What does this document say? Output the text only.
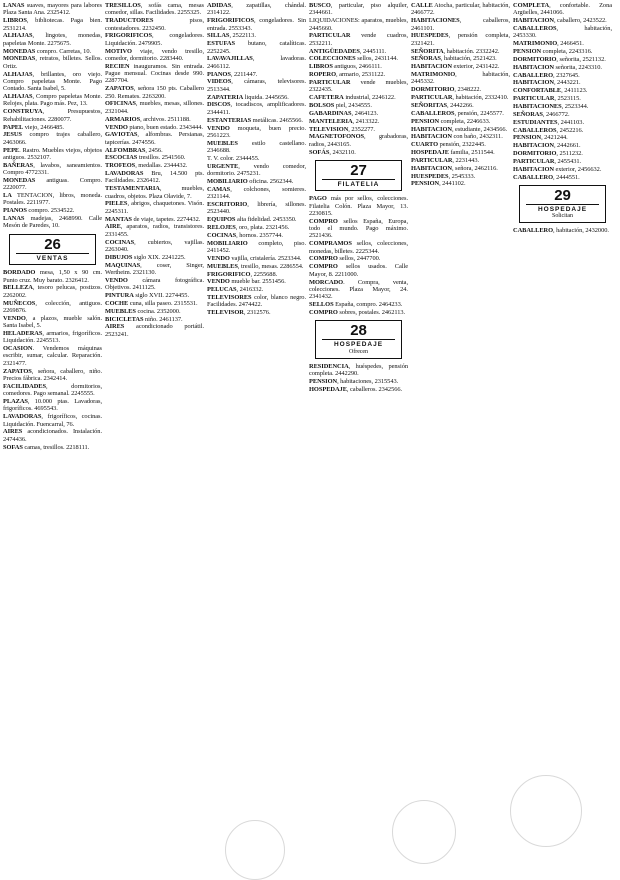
LANAS suaves, mayores para labores Plaza Santa Ana. 2325412.
LIBROS, bibliotecas. Paga bien. 2531214.
ALHAJAS, lingotes, monedas, papeletas Monte. 2275675.
MONEDAS compro. Carretas, 10.
MONEDAS, retratos, billetes. Sellos. Ortiz.
ALHAJAS, brillantes, oro viejo. Compro papeletas Monte. Pago Contado. Santa Isabel, 5.
ALHAJAS, Compro papeletas Monte. Relojes, plata. Pago más. Pez, 13.
CONSTRUYA, Presupuestos, Rehabilitaciones. 2280077.
PAPEL viejo, 2466485.
JESUS compro trajes caballero, 2463066.
PEPE. Rastro. Muebles viejos, objetos antiguos. 2532107.
BAÑERAS, lavabos, saneamientos. Compro 4772331.
MONEDAS antiguas. Compro. 2220077.
LA TENTACION, libros, moneda. Postales. 2211977.
PIANOS compro. 2534522.
LANAS madejas, 2468990. Calle Mesón de Paredes, 10.
26
VENTAS
BORDADO mesa, 1,50 x 90 cm. Punto cruz. Muy barato. 2326412.
BELLEZA, tesoro pelucas, postizos. 2262002.
MUÑECOS, colección, antiguos. 2269876.
VENDO, a plazos, mueble salón. Santa Isabel, 5.
HELADERAS, armarios, frigoríficos. Liquidación. 2245513.
OCASION. Vendemos máquinas escribir, sumar, calcular. Reparación. 2321477.
ZAPATOS, señora, caballero, niño. Precios fábrica. 2342414.
FACILIDADES, dormitorios, comedores. Pago semanal. 2245555.
PLAZAS, 10.000 ptas. Lavadoras, frigoríficos. 4695543.
LAVADORAS, frigoríficos, cocinas. Liquidación. Fuencarral, 76.
AIRES acondicionados. Instalación. 2474436.
SOFAS camas, tresillos. 2218111.
TRESILLOS, sofás cama, mesas comedor, sillas. Facilidades. 2255325.
TRADUCTORES pisos, contestadores. 2232450.
FRIGORIFICOS, congeladores. Liquidación. 2479905.
MOTIVO viaje, vendo tresillo, comedor, dormitorio. 2283440.
RECIEN inauguramos. Sin entrada. Pague mensual. Cocinas desde 990. 2287704.
ZAPATOS, señora 150 pts. Caballero 250. Remates. 2263200.
OFICINAS, muebles, mesas, sillones. 2321044.
ARMARIOS, archivos. 2511188.
VENDO piano, buen estado. 2343444.
GAVIOTAS, alfombras. Persianas, tapicerías. 2474556.
ALFOMBRAS, 2456.
ESCOCIAS tresillos. 2541560.
TROFEOS, medallas. 2344432.
LAVADORAS Bru, 14.500 pts. Facilidades. 2326412.
TESTAMENTARIA, muebles, cuadros, objetos. Plaza Olavide, 7.
PIELES, abrigos, chaquetones. Visón. 2245311.
MANTAS de viaje, tapetes. 2274432.
AIRE, aparatos, radios, transistores. 2331455.
COCINAS, cubiertos, vajillas. 2263040.
DIBUJOS siglo XIX. 2241225.
MAQUINAS, coser, Singer, Wertheim. 2321130.
VENDO cámara fotográfica. Objetivos. 2411125.
PINTURA siglo XVII. 2274455.
COCHE cuna, silla paseo. 2315531.
MUEBLES cocina. 2352000.
BICICLETAS niño. 2461137.
AIRES acondicionado portátil. 2523241.
ADIDAS, zapatillas, chándal. 2314122.
FRIGORIFICOS, congeladores. Sin entrada. 2553343.
SILLAS, 2522113.
ESTUFAS butano, catalíticas. 2252245.
LAVAVAJILLAS, lavadoras. 2466112.
PIANOS, 2211447.
VIDEOS, cámaras, televisores. 2513344.
ZAPATERIA liquida. 2445656.
DISCOS, tocadiscos, amplificadores. 2344411.
ESTANTERIAS metálicas. 2465566.
VENDO moqueta, buen precio. 2561223.
MUEBLES estilo castellano. 2346688.
T. V. color. 2344455.
URGENTE, vendo comedor, dormitorio. 2475231.
MOBILIARIO oficina. 2562344.
CAMAS, colchones, somieres. 2321144.
ESCRITORIO, librería, sillones. 2523440.
EQUIPOS alta fidelidad. 2453350.
RELOJES, oro, plata. 2321456.
COCINAS, hornos. 2357744.
MOBILIARIO completo, piso. 2411452.
VENDO vajilla, cristalería. 2523344.
MUEBLES, tresillo, mesas. 2286554.
FRIGORIFICO, 2255688.
VENDO mueble bar. 2551456.
PELUCAS, 2416332.
TELEVISORES color, blanco negro. Facilidades. 2474422.
TELEVISOR, 2312576.
BUSCO, particular, piso alquiler, 2344661.
LIQUIDACIONES: aparatos, muebles, 2445660.
PARTICULAR vende cuadros, 2532211.
ANTIGÜEDADES, 2445111.
COLECCIONES sellos, 2431144.
LIBROS antiguos, 2466111.
ROPERO, armario, 2531122.
PARTICULAR vende muebles, 2322435.
CAFETERA industrial, 2246122.
BOLSOS piel, 2434555.
GABARDINAS, 2464123.
MANTELERIA, 2413322.
TELEVISION, 2352277.
MAGNETOFONOS, grabadoras, radios, 2443165.
SOFÁS, 2432110.
27
FILATELIA
PAGO más por sellos, colecciones. Filatelia Colón. Plaza Mayor, 13. 2230815.
COMPRO sellos España, Europa, todo el mundo. Pago máximo. 2521436.
COMPRAMOS sellos, colecciones, monedas, billetes. 2225344.
COMPRO sellos, 2447700.
COMPRO sellos usados. Calle Mayor, 8. 2211000.
MORCADO. Compra, venta, colecciones. Plaza Mayor, 24. 2341432.
SELLOS España, compro. 2464233.
COMPRO sobres, postales. 2462113.
28
HOSPEDAJE
Ofrecen
RESIDENCIA, huéspedes, pensión completa. 2442290.
PENSION, habitaciones, 2315543.
HOSPEDAJE, caballeros. 2342566.
CALLE Atocha, particular, habitación, 2466772.
HABITACIONES, caballeros, 2461101.
HUESPEDES, pensión completa, 2321421.
SEÑORITA, habitación. 2332242.
SEÑORAS, habitación, 2521423.
HABITACION exterior, 2431422.
MATRIMONIO, habitación, 2445332.
DORMITORIO, 2348222.
PARTICULAR, habitación, 2332410.
SEÑORITAS, 2442266.
CABALLEROS, pensión, 2245577.
PENSION completa, 2246633.
HABITACION, estudiante, 2434566.
HABITACION con baño, 2432311.
CUARTO pensión, 2322445.
HOSPEDAJE familia, 2511544.
PARTICULAR, 2231443.
HABITACION, señora, 2462116.
HUESPEDES, 2545333.
PENSION, 2441102.
COMPLETA, confortable. Zona Argüelles, 2441066.
HABITACION, caballero, 2423522.
CABALLEROS, habitación, 2453330.
MATRIMONIO, 2466451.
PENSION completa, 2243316.
DORMITORIO, señorita, 2521132.
HABITACION señorita, 2243310.
CABALLERO, 2327645.
HABITACION, 2443221.
CONFORTABLE, 2411123.
PARTICULAR, 2523115.
HABITACIONES, 2523344.
SEÑORAS, 2466772.
ESTUDIANTES, 2441103.
CABALLEROS, 2452216.
PENSION, 2421244.
HABITACION, 2442661.
DORMITORIO, 2511232.
PARTICULAR, 2455431.
HABITACION exterior, 2456632.
CABALLERO, 2444551.
29
HOSPEDAJE
Solicitan
CABALLERO, habitación, 2432000.
